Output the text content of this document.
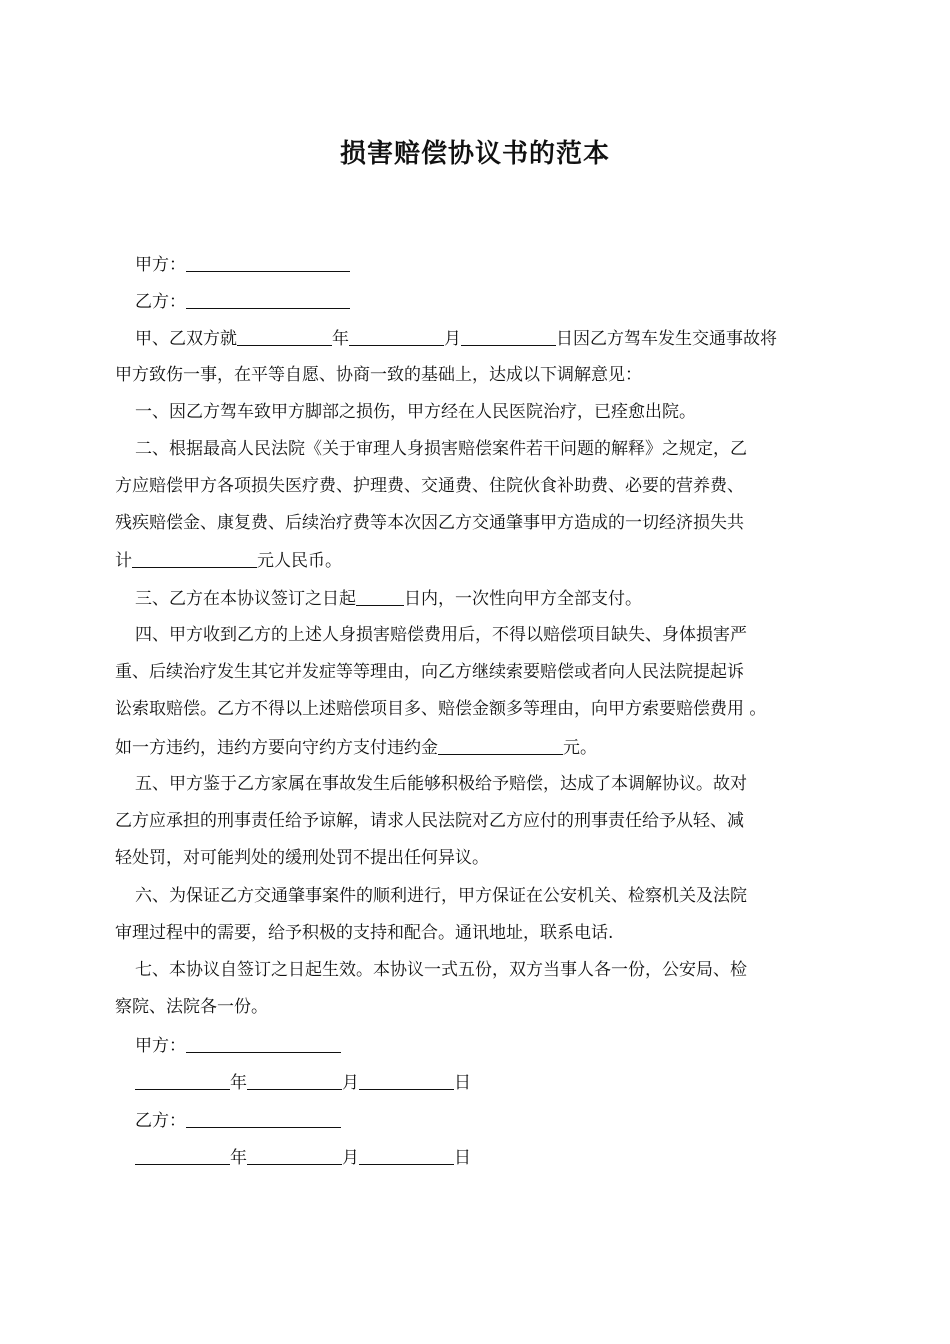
损害赔偿协议书的范本
甲方：
乙方：
甲、乙双方就	年	月	日因乙方驾车发生交通事故将
甲方致伤一事，在平等自愿、协商一致的基础上，达成以下调解意见：
一、因乙方驾车致甲方脚部之损伤，甲方经在人民医院治疗，已痊愈出院。
二、根据最高人民法院《关于审理人身损害赔偿案件若干问题的解释》之规定，乙
方应赔偿甲方各项损失医疗费、护理费、交通费、住院伙食补助费、必要的营养费、
残疾赔偿金、康复费、后续治疗费等本次因乙方交通肇事甲方造成的一切经济损失共
计	元人民币。
三、乙方在本协议签订之日起	日内，一次性向甲方全部支付。
四、甲方收到乙方的上述人身损害赔偿费用后，不得以赔偿项目缺失、身体损害严
重、后续治疗发生其它并发症等等理由，向乙方继续索要赔偿或者向人民法院提起诉
讼索取赔偿。乙方不得以上述赔偿项目多、赔偿金额多等理由，向甲方索要赔偿费用 。
如一方违约，违约方要向守约方支付违约金	元。
五、甲方鉴于乙方家属在事故发生后能够积极给予赔偿，达成了本调解协议。故对
乙方应承担的刑事责任给予谅解，请求人民法院对乙方应付的刑事责任给予从轻、减
轻处罚，对可能判处的缓刑处罚不提出任何异议。
六、为保证乙方交通肇事案件的顺利进行，甲方保证在公安机关、检察机关及法院
审理过程中的需要，给予积极的支持和配合。通讯地址，联系电话.
七、本协议自签订之日起生效。本协议一式五份，双方当事人各一份，公安局、检
察院、法院各一份。
甲方：
年	月	日
乙方：
年	月	日
